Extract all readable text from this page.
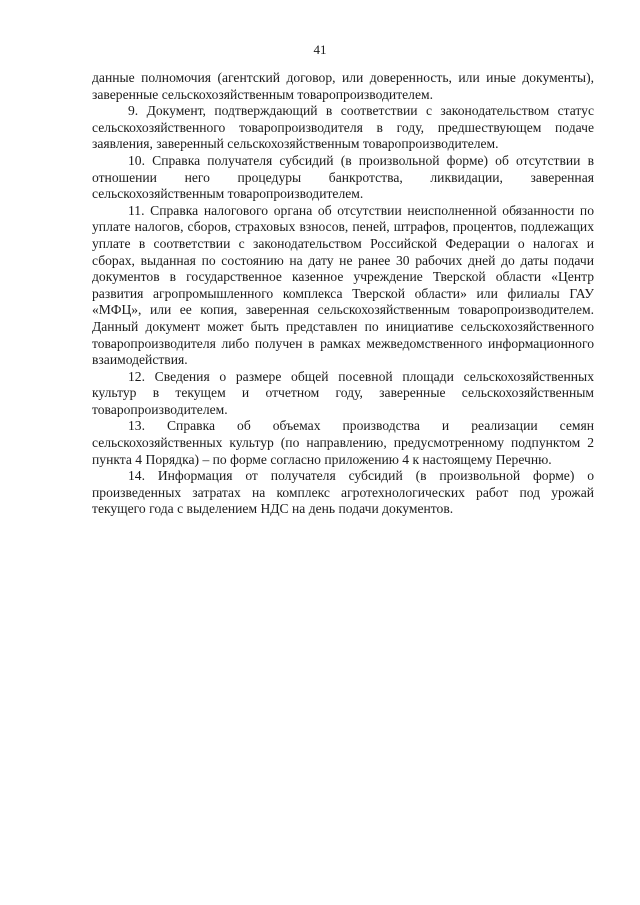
41

данные полномочия (агентский договор, или доверенность, или иные документы), заверенные сельскохозяйственным товаропроизводителем.

9. Документ, подтверждающий в соответствии с законодательством статус сельскохозяйственного товаропроизводителя в году, предшествующем подаче заявления, заверенный сельскохозяйственным товаропроизводителем.

10. Справка получателя субсидий (в произвольной форме) об отсутствии в отношении него процедуры банкротства, ликвидации, заверенная сельскохозяйственным товаропроизводителем.

11. Справка налогового органа об отсутствии неисполненной обязанности по уплате налогов, сборов, страховых взносов, пеней, штрафов, процентов, подлежащих уплате в соответствии с законодательством Российской Федерации о налогах и сборах, выданная по состоянию на дату не ранее 30 рабочих дней до даты подачи документов в государственное казенное учреждение Тверской области «Центр развития агропромышленного комплекса Тверской области» или филиалы ГАУ «МФЦ», или ее копия, заверенная сельскохозяйственным товаропроизводителем. Данный документ может быть представлен по инициативе сельскохозяйственного товаропроизводителя либо получен в рамках межведомственного информационного взаимодействия.

12. Сведения о размере общей посевной площади сельскохозяйственных культур в текущем и отчетном году, заверенные сельскохозяйственным товаропроизводителем.

13. Справка об объемах производства и реализации семян сельскохозяйственных культур (по направлению, предусмотренному подпунктом 2 пункта 4 Порядка) – по форме согласно приложению 4 к настоящему Перечню.

14. Информация от получателя субсидий (в произвольной форме) о произведенных затратах на комплекс агротехнологических работ под урожай текущего года с выделением НДС на день подачи документов.
